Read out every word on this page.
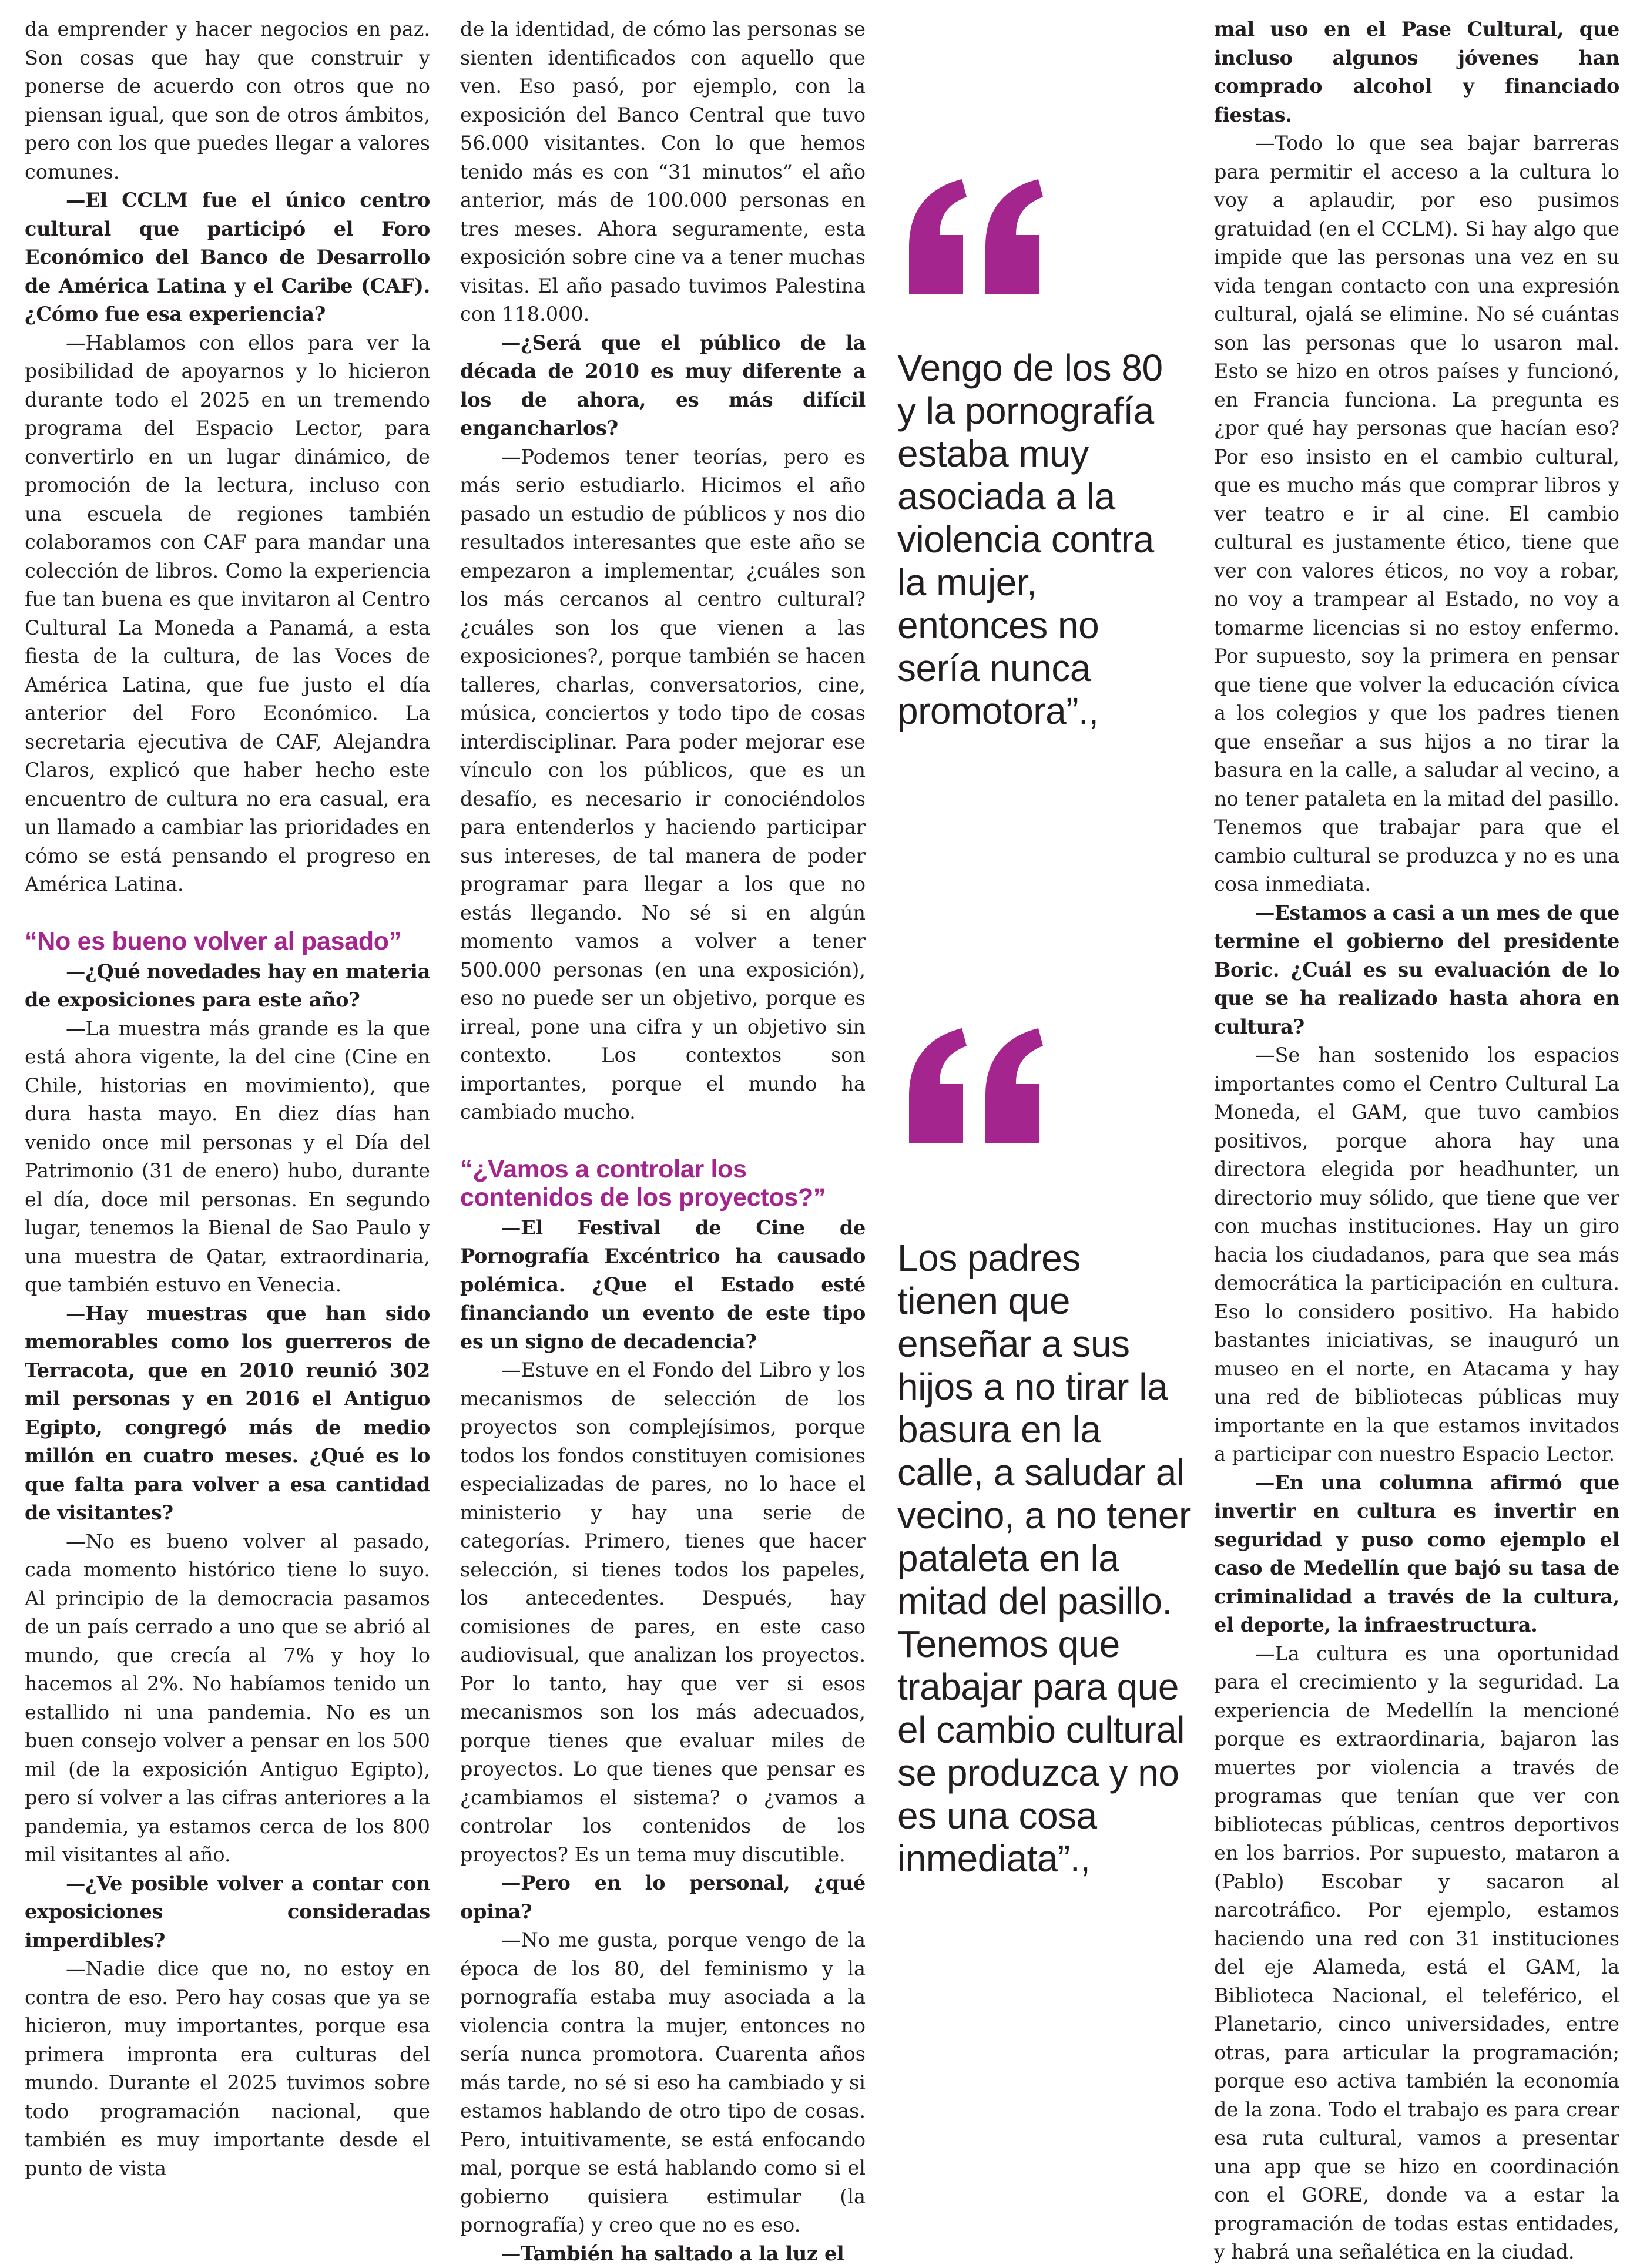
da emprender y hacer negocios en paz. Son cosas que hay que construir y ponerse de acuerdo con otros que no piensan igual, que son de otros ámbitos, pero con los que puedes llegar a valores comunes.

—El CCLM fue el único centro cultural que participó el Foro Económico del Banco de Desarrollo de América Latina y el Caribe (CAF). ¿Cómo fue esa experiencia?

—Hablamos con ellos para ver la posibilidad de apoyarnos y lo hicieron durante todo el 2025 en un tremendo programa del Espacio Lector, para convertirlo en un lugar dinámico, de promoción de la lectura, incluso con una escuela de regiones también colaboramos con CAF para mandar una colección de libros. Como la experiencia fue tan buena es que invitaron al Centro Cultural La Moneda a Panamá, a esta fiesta de la cultura, de las Voces de América Latina, que fue justo el día anterior del Foro Económico. La secretaria ejecutiva de CAF, Alejandra Claros, explicó que haber hecho este encuentro de cultura no era casual, era un llamado a cambiar las prioridades en cómo se está pensando el progreso en América Latina.

“No es bueno volver al pasado”

—¿Qué novedades hay en materia de exposiciones para este año?

—La muestra más grande es la que está ahora vigente, la del cine (Cine en Chile, historias en movimiento), que dura hasta mayo. En diez días han venido once mil personas y el Día del Patrimonio (31 de enero) hubo, durante el día, doce mil personas. En segundo lugar, tenemos la Bienal de Sao Paulo y una muestra de Qatar, extraordinaria, que también estuvo en Venecia.

—Hay muestras que han sido memorables como los guerreros de Terracota, que en 2010 reunió 302 mil personas y en 2016 el Antiguo Egipto, congregó más de medio millón en cuatro meses. ¿Qué es lo que falta para volver a esa cantidad de visitantes?

—No es bueno volver al pasado, cada momento histórico tiene lo suyo. Al principio de la democracia pasamos de un país cerrado a uno que se abrió al mundo, que crecía al 7% y hoy lo hacemos al 2%. No habíamos tenido un estallido ni una pandemia. No es un buen consejo volver a pensar en los 500 mil (de la exposición Antiguo Egipto), pero sí volver a las cifras anteriores a la pandemia, ya estamos cerca de los 800 mil visitantes al año.

—¿Ve posible volver a contar con exposiciones consideradas imperdibles?

—Nadie dice que no, no estoy en contra de eso. Pero hay cosas que ya se hicieron, muy importantes, porque esa primera impronta era culturas del mundo. Durante el 2025 tuvimos sobre todo programación nacional, que también es muy importante desde el punto de vista

de la identidad, de cómo las personas se sienten identificados con aquello que ven. Eso pasó, por ejemplo, con la exposición del Banco Central que tuvo 56.000 visitantes. Con lo que hemos tenido más es con “31 minutos” el año anterior, más de 100.000 personas en tres meses. Ahora seguramente, esta exposición sobre cine va a tener muchas visitas. El año pasado tuvimos Palestina con 118.000.

—¿Será que el público de la década de 2010 es muy diferente a los de ahora, es más difícil engancharlos?

—Podemos tener teorías, pero es más serio estudiarlo. Hicimos el año pasado un estudio de públicos y nos dio resultados interesantes que este año se empezaron a implementar, ¿cuáles son los más cercanos al centro cultural? ¿cuáles son los que vienen a las exposiciones?, porque también se hacen talleres, charlas, conversatorios, cine, música, conciertos y todo tipo de cosas interdisciplinar. Para poder mejorar ese vínculo con los públicos, que es un desafío, es necesario ir conociéndolos para entenderlos y haciendo participar sus intereses, de tal manera de poder programar para llegar a los que no estás llegando. No sé si en algún momento vamos a volver a tener 500.000 personas (en una exposición), eso no puede ser un objetivo, porque es irreal, pone una cifra y un objetivo sin contexto. Los contextos son importantes, porque el mundo ha cambiado mucho.

“¿Vamos a controlar los contenidos de los proyectos?”

—El Festival de Cine de Pornografía Excéntrico ha causado polémica. ¿Que el Estado esté financiando un evento de este tipo es un signo de decadencia?

—Estuve en el Fondo del Libro y los mecanismos de selección de los proyectos son complejísimos, porque todos los fondos constituyen comisiones especializadas de pares, no lo hace el ministerio y hay una serie de categorías. Primero, tienes que hacer selección, si tienes todos los papeles, los antecedentes. Después, hay comisiones de pares, en este caso audiovisual, que analizan los proyectos. Por lo tanto, hay que ver si esos mecanismos son los más adecuados, porque tienes que evaluar miles de proyectos. Lo que tienes que pensar es ¿cambiamos el sistema? o ¿vamos a controlar los contenidos de los proyectos? Es un tema muy discutible.

—Pero en lo personal, ¿qué opina?

—No me gusta, porque vengo de la época de los 80, del feminismo y la pornografía estaba muy asociada a la violencia contra la mujer, entonces no sería nunca promotora. Cuarenta años más tarde, no sé si eso ha cambiado y si estamos hablando de otro tipo de cosas. Pero, intuitivamente, se está enfocando mal, porque se está hablando como si el gobierno quisiera estimular (la pornografía) y creo que no es eso.

—También ha saltado a la luz el

Vengo de los 80 y la pornografía estaba muy asociada a la violencia contra la mujer, entonces no sería nunca promotora”.,
Los padres tienen que enseñar a sus hijos a no tirar la basura en la calle, a saludar al vecino, a no tener pataleta en la mitad del pasillo. Tenemos que trabajar para que el cambio cultural se produzca y no es una cosa inmediata”.,

mal uso en el Pase Cultural, que incluso algunos jóvenes han comprado alcohol y financiado fiestas.

—Todo lo que sea bajar barreras para permitir el acceso a la cultura lo voy a aplaudir, por eso pusimos gratuidad (en el CCLM). Si hay algo que impide que las personas una vez en su vida tengan contacto con una expresión cultural, ojalá se elimine. No sé cuántas son las personas que lo usaron mal. Esto se hizo en otros países y funcionó, en Francia funciona. La pregunta es ¿por qué hay personas que hacían eso? Por eso insisto en el cambio cultural, que es mucho más que comprar libros y ver teatro e ir al cine. El cambio cultural es justamente ético, tiene que ver con valores éticos, no voy a robar, no voy a trampear al Estado, no voy a tomarme licencias si no estoy enfermo. Por supuesto, soy la primera en pensar que tiene que volver la educación cívica a los colegios y que los padres tienen que enseñar a sus hijos a no tirar la basura en la calle, a saludar al vecino, a no tener pataleta en la mitad del pasillo. Tenemos que trabajar para que el cambio cultural se produzca y no es una cosa inmediata.

—Estamos a casi a un mes de que termine el gobierno del presidente Boric. ¿Cuál es su evaluación de lo que se ha realizado hasta ahora en cultura?

—Se han sostenido los espacios importantes como el Centro Cultural La Moneda, el GAM, que tuvo cambios positivos, porque ahora hay una directora elegida por headhunter, un directorio muy sólido, que tiene que ver con muchas instituciones. Hay un giro hacia los ciudadanos, para que sea más democrática la participación en cultura. Eso lo considero positivo. Ha habido bastantes iniciativas, se inauguró un museo en el norte, en Atacama y hay una red de bibliotecas públicas muy importante en la que estamos invitados a participar con nuestro Espacio Lector.

—En una columna afirmó que invertir en cultura es invertir en seguridad y puso como ejemplo el caso de Medellín que bajó su tasa de criminalidad a través de la cultura, el deporte, la infraestructura.

—La cultura es una oportunidad para el crecimiento y la seguridad. La experiencia de Medellín la mencioné porque es extraordinaria, bajaron las muertes por violencia a través de programas que tenían que ver con bibliotecas públicas, centros deportivos en los barrios. Por supuesto, mataron a (Pablo) Escobar y sacaron al narcotráfico. Por ejemplo, estamos haciendo una red con 31 instituciones del eje Alameda, está el GAM, la Biblioteca Nacional, el teleférico, el Planetario, cinco universidades, entre otras, para articular la programación; porque eso activa también la economía de la zona. Todo el trabajo es para crear esa ruta cultural, vamos a presentar una app que se hizo en coordinación con el GORE, donde va a estar la programación de todas estas entidades, y habrá una señalética en la ciudad.
